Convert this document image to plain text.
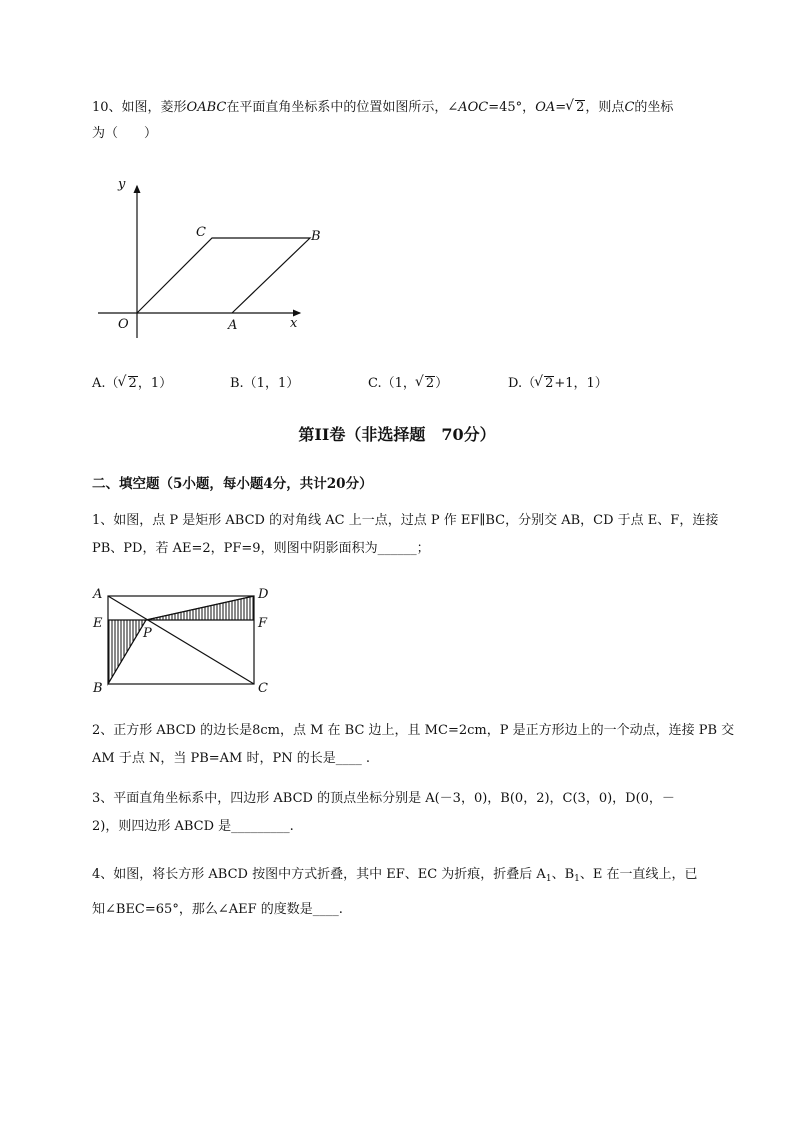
10、如图，菱形OABC在平面直角坐标系中的位置如图所示，∠AOC=45°，OA= √ 2，则点C的坐标
为（　　）
y
x
O	A
C	B
A.（ √ 2，1）	B.（1，1）	C.（1， √ 2）	D.（ √ 2+1，1）
第II卷（非选择题　70分）
二、填空题（5小题，每小题4分，共计20分）
1、如图，点 P 是矩形 ABCD 的对角线 AC 上一点，过点 P 作 EF∥BC，分别交 AB，CD 于点 E、F，连接
PB、PD，若 AE=2，PF=9，则图中阴影面积为______；
A	D
E	F
P
B	C
2、正方形 ABCD 的边长是8cm，点 M 在 BC 边上，且 MC=2cm，P 是正方形边上的一个动点，连接 PB 交
AM 于点 N，当 PB=AM 时，PN 的长是____ .
3、平面直角坐标系中，四边形 ABCD 的顶点坐标分别是 A(－3，0)，B(0，2)，C(3，0)，D(0，－
2)，则四边形 ABCD 是_________.
4、如图，将长方形 ABCD 按图中方式折叠，其中 EF、EC 为折痕，折叠后 $A_1$、$B_1$、E 在一直线上，已
知∠BEC=65°，那么∠AEF 的度数是____.
